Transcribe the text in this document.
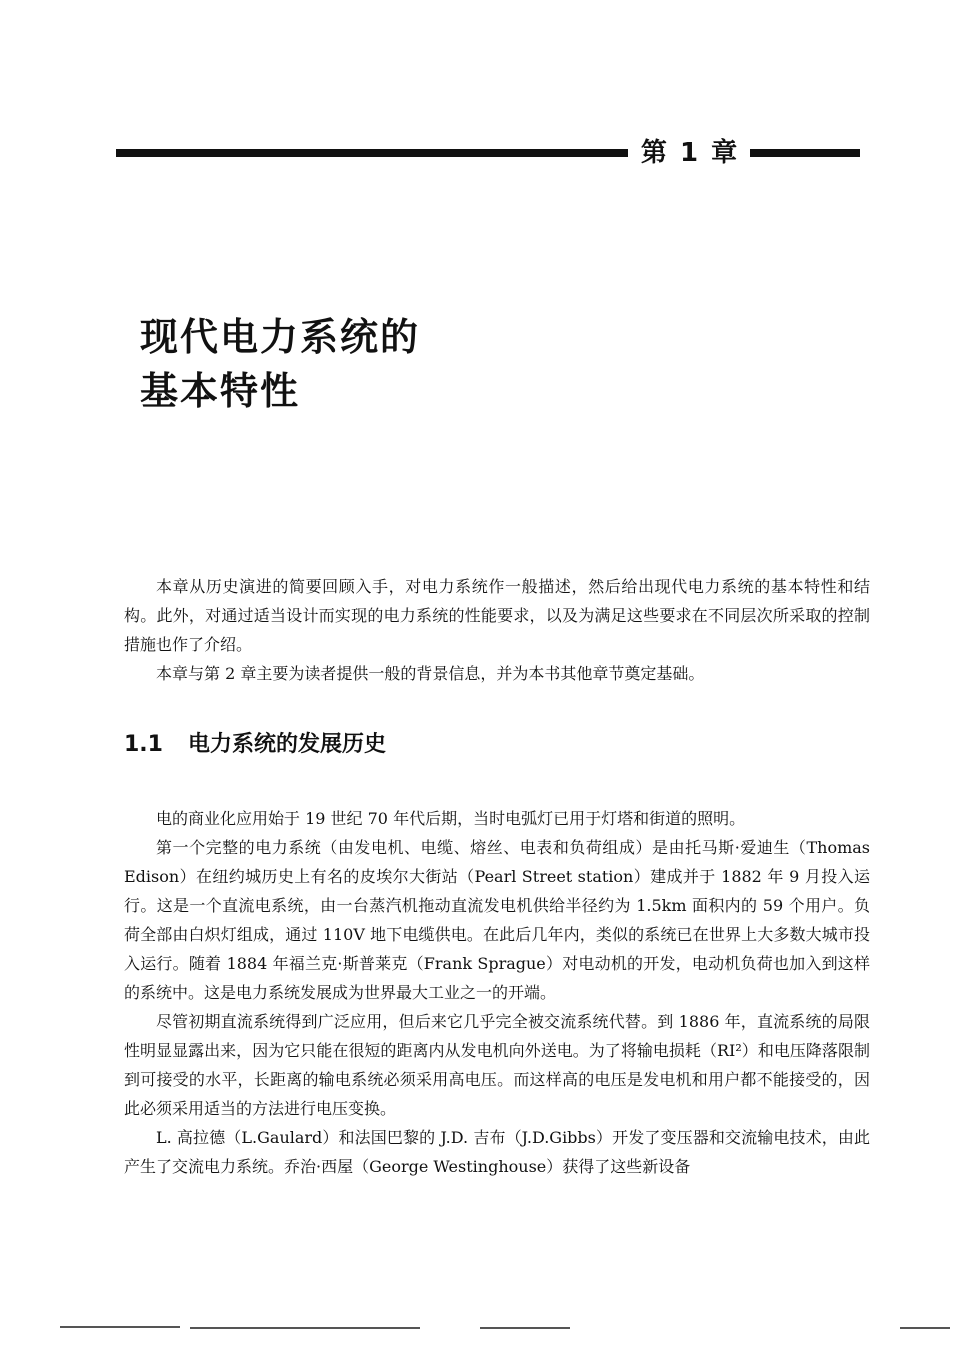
第 1 章
现代电力系统的
基本特性

本章从历史演进的简要回顾入手，对电力系统作一般描述，然后给出现代电力系统的基本特性和结构。此外，对通过适当设计而实现的电力系统的性能要求，以及为满足这些要求在不同层次所采取的控制措施也作了介绍。

本章与第 2 章主要为读者提供一般的背景信息，并为本书其他章节奠定基础。

1.1 电力系统的发展历史

电的商业化应用始于 19 世纪 70 年代后期，当时电弧灯已用于灯塔和街道的照明。

第一个完整的电力系统（由发电机、电缆、熔丝、电表和负荷组成）是由托马斯·爱迪生（Thomas Edison）在纽约城历史上有名的皮埃尔大街站（Pearl Street station）建成并于 1882 年 9 月投入运行。这是一个直流电系统，由一台蒸汽机拖动直流发电机供给半径约为 1.5km 面积内的 59 个用户。负荷全部由白炽灯组成，通过 110V 地下电缆供电。在此后几年内，类似的系统已在世界上大多数大城市投入运行。随着 1884 年福兰克·斯普莱克（Frank Sprague）对电动机的开发，电动机负荷也加入到这样的系统中。这是电力系统发展成为世界最大工业之一的开端。

尽管初期直流系统得到广泛应用，但后来它几乎完全被交流系统代替。到 1886 年，直流系统的局限性明显显露出来，因为它只能在很短的距离内从发电机向外送电。为了将输电损耗（RI²）和电压降落限制到可接受的水平，长距离的输电系统必须采用高电压。而这样高的电压是发电机和用户都不能接受的，因此必须采用适当的方法进行电压变换。

L. 高拉德（L.Gaulard）和法国巴黎的 J.D. 吉布（J.D.Gibbs）开发了变压器和交流输电技术，由此产生了交流电力系统。乔治·西屋（George Westinghouse）获得了这些新设备
